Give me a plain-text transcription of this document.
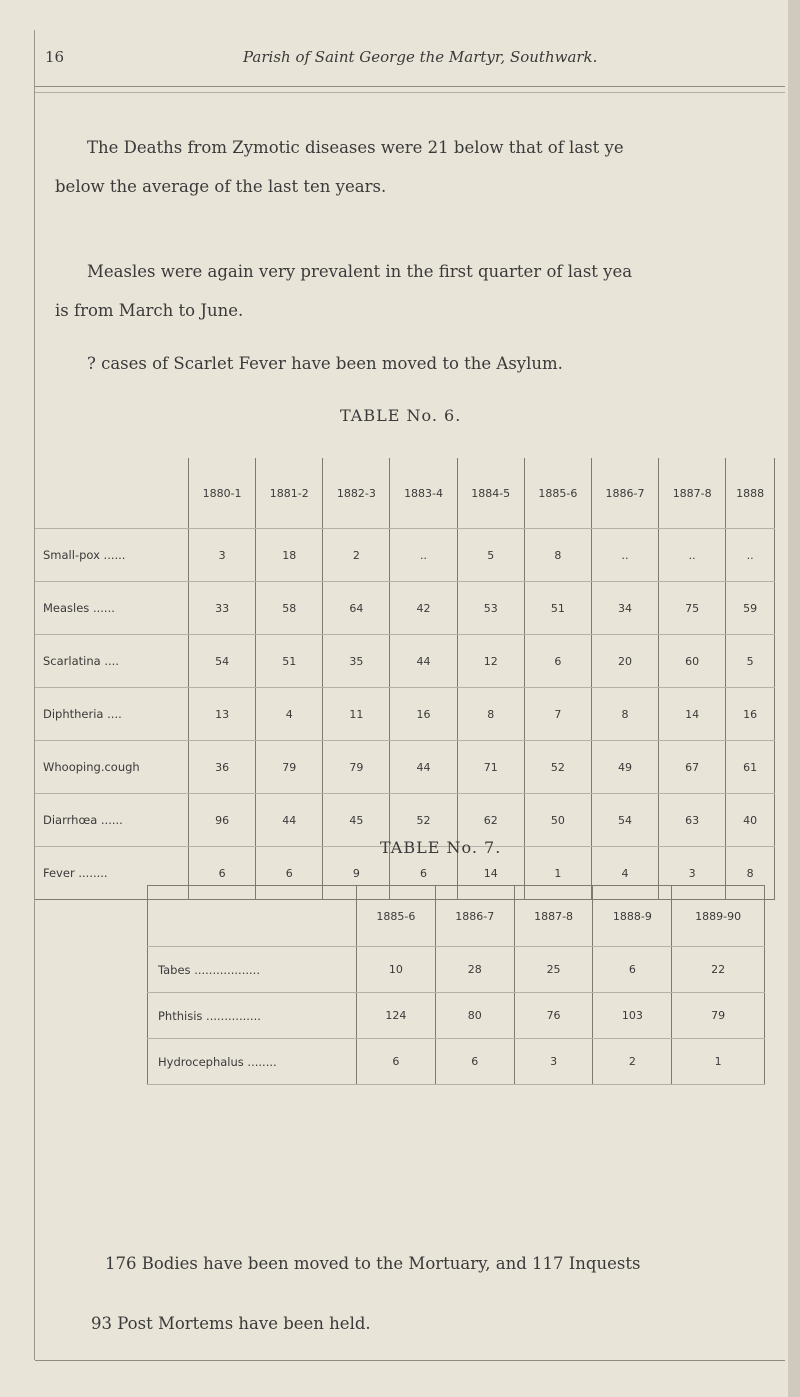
16	Parish of Saint George the Martyr, Southwark.
The Deaths from Zymotic diseases were 21 below that of last ye
below the average of the last ten years.
Measles were again very prevalent in the first quarter of last yea
is from March to June.
? cases of Scarlet Fever have been moved to the Asylum.
TABLE No. 6.
	1880-1	1881-2	1882-3	1883-4	1884-5	1885-6	1886-7	1887-8	1888
Small-pox ......	3	18	2	..	5	8	..	..	..
Measles ......	33	58	64	42	53	51	34	75	59
Scarlatina ....	54	51	35	44	12	6	20	60	5
Diphtheria ....	13	4	11	16	8	7	8	14	16
Whooping.cough	36	79	79	44	71	52	49	67	61
Diarrhœa ......	96	44	45	52	62	50	54	63	40
Fever ........	6	6	9	6	14	1	4	3	8
TABLE No. 7.
	1885-6	1886-7	1887-8	1888-9	1889-90
Tabes ..................	10	28	25	6	22
Phthisis ...............	124	80	76	103	79
Hydrocephalus ........	6	6	3	2	1
176 Bodies have been moved to the Mortuary, and 117 Inquests
93 Post Mortems have been held.
